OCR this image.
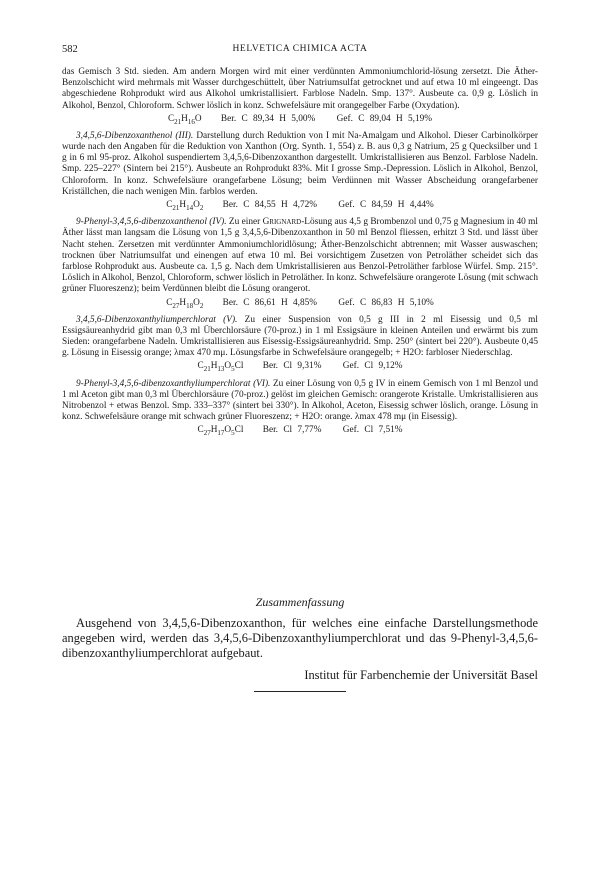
582	HELVETICA CHIMICA ACTA

das Gemisch 3 Std. sieden. Am andern Morgen wird mit einer verdünnten Ammoniumchlorid-lösung zersetzt. Die Äther-Benzolschicht wird mehrmals mit Wasser durchgeschüttelt, über Natriumsulfat getrocknet und auf etwa 10 ml eingeengt. Das abgeschiedene Rohprodukt wird aus Alkohol umkristallisiert. Farblose Nadeln. Smp. 137°. Ausbeute ca. 0,9 g. Löslich in Alkohol, Benzol, Chloroform. Schwer löslich in konz. Schwefelsäure mit orangegelber Farbe (Oxydation).

$C_{21}H_{16}O$ Ber. C 89,34 H 5,00% Gef. C 89,04 H 5,19%

3,4,5,6-Dibenzoxanthenol (III). Darstellung durch Reduktion von I mit Na-Amalgam und Alkohol. Dieser Carbinolkörper wurde nach den Angaben für die Reduktion von Xanthon (Org. Synth. 1, 554) z. B. aus 0,3 g Natrium, 25 g Quecksilber und 1 g in 6 ml 95-proz. Alkohol suspendiertem 3,4,5,6-Dibenzoxanthon dargestellt. Umkristallisieren aus Benzol. Farblose Nadeln. Smp. 225–227° (Sintern bei 215°). Ausbeute an Rohprodukt 83%. Mit I grosse Smp.-Depression. Löslich in Alkohol, Benzol, Chloroform. In konz. Schwefelsäure orangefarbene Lösung; beim Verdünnen mit Wasser Abscheidung orangefarbener Kriställchen, die nach wenigen Min. farblos werden.

$C_{21}H_{14}O_2$ Ber. C 84,55 H 4,72% Gef. C 84,59 H 4,44%

9-Phenyl-3,4,5,6-dibenzoxanthenol (IV). Zu einer Grignard-Lösung aus 4,5 g Brombenzol und 0,75 g Magnesium in 40 ml Äther lässt man langsam die Lösung von 1,5 g 3,4,5,6-Dibenzoxanthon in 50 ml Benzol fliessen, erhitzt 3 Std. und lässt über Nacht stehen. Zersetzen mit verdünnter Ammoniumchloridlösung; Äther-Benzolschicht abtrennen; mit Wasser auswaschen; trocknen über Natriumsulfat und einengen auf etwa 10 ml. Bei vorsichtigem Zusetzen von Petroläther scheidet sich das farblose Rohprodukt aus. Ausbeute ca. 1,5 g. Nach dem Umkristallisieren aus Benzol-Petroläther farblose Würfel. Smp. 215°. Löslich in Alkohol, Benzol, Chloroform, schwer löslich in Petroläther. In konz. Schwefelsäure orangerote Lösung (mit schwach grüner Fluoreszenz); beim Verdünnen bleibt die Lösung orangerot.

$C_{27}H_{18}O_2$ Ber. C 86,61 H 4,85% Gef. C 86,83 H 5,10%

3,4,5,6-Dibenzoxanthyliumperchlorat (V). Zu einer Suspension von 0,5 g III in 2 ml Eisessig und 0,5 ml Essigsäureanhydrid gibt man 0,3 ml Überchlorsäure (70-proz.) in 1 ml Essigsäure in kleinen Anteilen und erwärmt bis zum Sieden: orangefarbene Nadeln. Umkristallisieren aus Eisessig-Essigsäureanhydrid. Smp. 250° (sintert bei 220°). Ausbeute 0,45 g. Lösung in Eisessig orange; λmax 470 mμ. Lösungsfarbe in Schwefelsäure orangegelb; + H2O: farbloser Niederschlag.

$C_{21}H_{13}O_5Cl$ Ber. Cl 9,31% Gef. Cl 9,12%

9-Phenyl-3,4,5,6-dibenzoxanthyliumperchlorat (VI). Zu einer Lösung von 0,5 g IV in einem Gemisch von 1 ml Benzol und 1 ml Aceton gibt man 0,3 ml Überchlorsäure (70-proz.) gelöst im gleichen Gemisch: orangerote Kristalle. Umkristallisieren aus Nitrobenzol + etwas Benzol. Smp. 333–337° (sintert bei 330°). In Alkohol, Aceton, Eisessig schwer löslich, orange. Lösung in konz. Schwefelsäure orange mit schwach grüner Fluoreszenz; + H2O: orange. λmax 478 mμ (in Eisessig).

$C_{27}H_{17}O_5Cl$ Ber. Cl 7,77% Gef. Cl 7,51%
Zusammenfassung

Ausgehend von 3,4,5,6-Dibenzoxanthon, für welches eine einfache Darstellungsmethode angegeben wird, werden das 3,4,5,6-Dibenzoxanthyliumperchlorat und das 9-Phenyl-3,4,5,6-dibenzoxanthyliumperchlorat aufgebaut.

Institut für Farbenchemie der Universität Basel
